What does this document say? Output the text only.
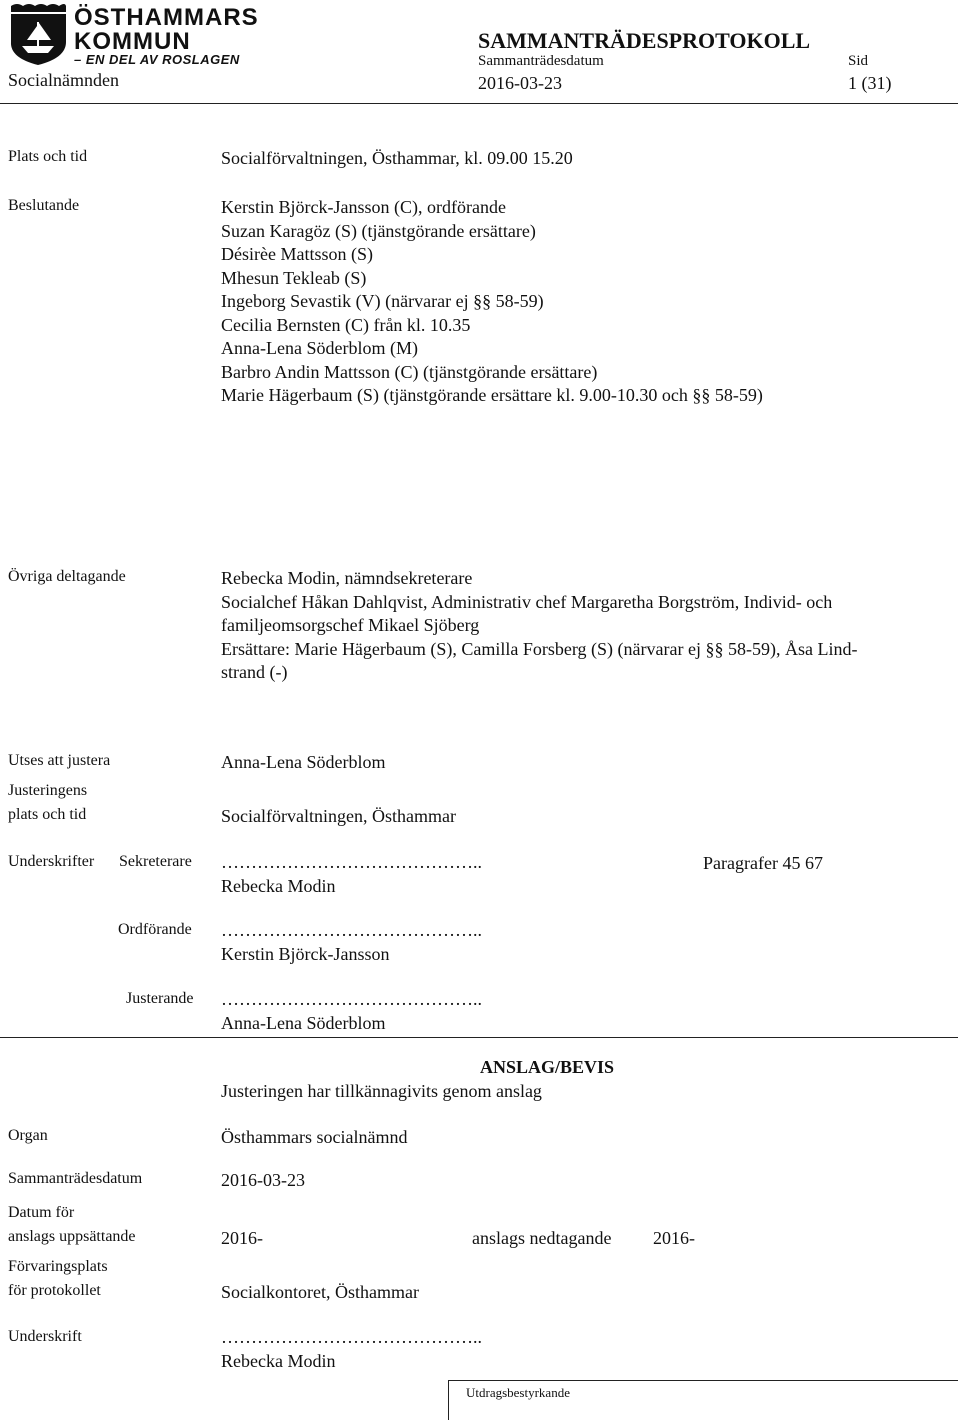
ÖSTHAMMARS
KOMMUN
– EN DEL AV ROSLAGEN
Socialnämnden
SAMMANTRÄDESPROTOKOLL
Sammanträdesdatum
2016-03-23
Sid
1 (31)
Plats och tid	Socialförvaltningen, Östhammar, kl. 09.00 15.20
Beslutande	Kerstin Björck-Jansson (C), ordförande
Suzan Karagöz (S) (tjänstgörande ersättare)
Désirèe Mattsson (S)
Mhesun Tekleab (S)
Ingeborg Sevastik (V) (närvarar ej §§ 58-59)
Cecilia Bernsten (C) från kl. 10.35
Anna-Lena Söderblom (M)
Barbro Andin Mattsson (C) (tjänstgörande ersättare)
Marie Hägerbaum (S) (tjänstgörande ersättare kl. 9.00-10.30 och §§ 58-59)
Övriga deltagande	Rebecka Modin, nämndsekreterare
Socialchef Håkan Dahlqvist, Administrativ chef Margaretha Borgström, Individ- och
familjeomsorgschef Mikael Sjöberg
Ersättare: Marie Hägerbaum (S), Camilla Forsberg (S) (närvarar ej §§ 58-59), Åsa Lind-
strand (-)
Utses att justera	Anna-Lena Söderblom
Justeringens
plats och tid	Socialförvaltningen, Östhammar
Underskrifter Sekreterare ……………………………………..	Paragrafer 45 67
Rebecka Modin
Ordförande ……………………………………..
Kerstin Björck-Jansson
Justerande ……………………………………..
Anna-Lena Söderblom
ANSLAG/BEVIS
Justeringen har tillkännagivits genom anslag
Organ	Östhammars socialnämnd
Sammanträdesdatum	2016-03-23
Datum för
anslags uppsättande	2016-	anslags nedtagande 2016-
Förvaringsplats
för protokollet	Socialkontoret, Östhammar
Underskrift	……………………………………..
Rebecka Modin
Utdragsbestyrkande
